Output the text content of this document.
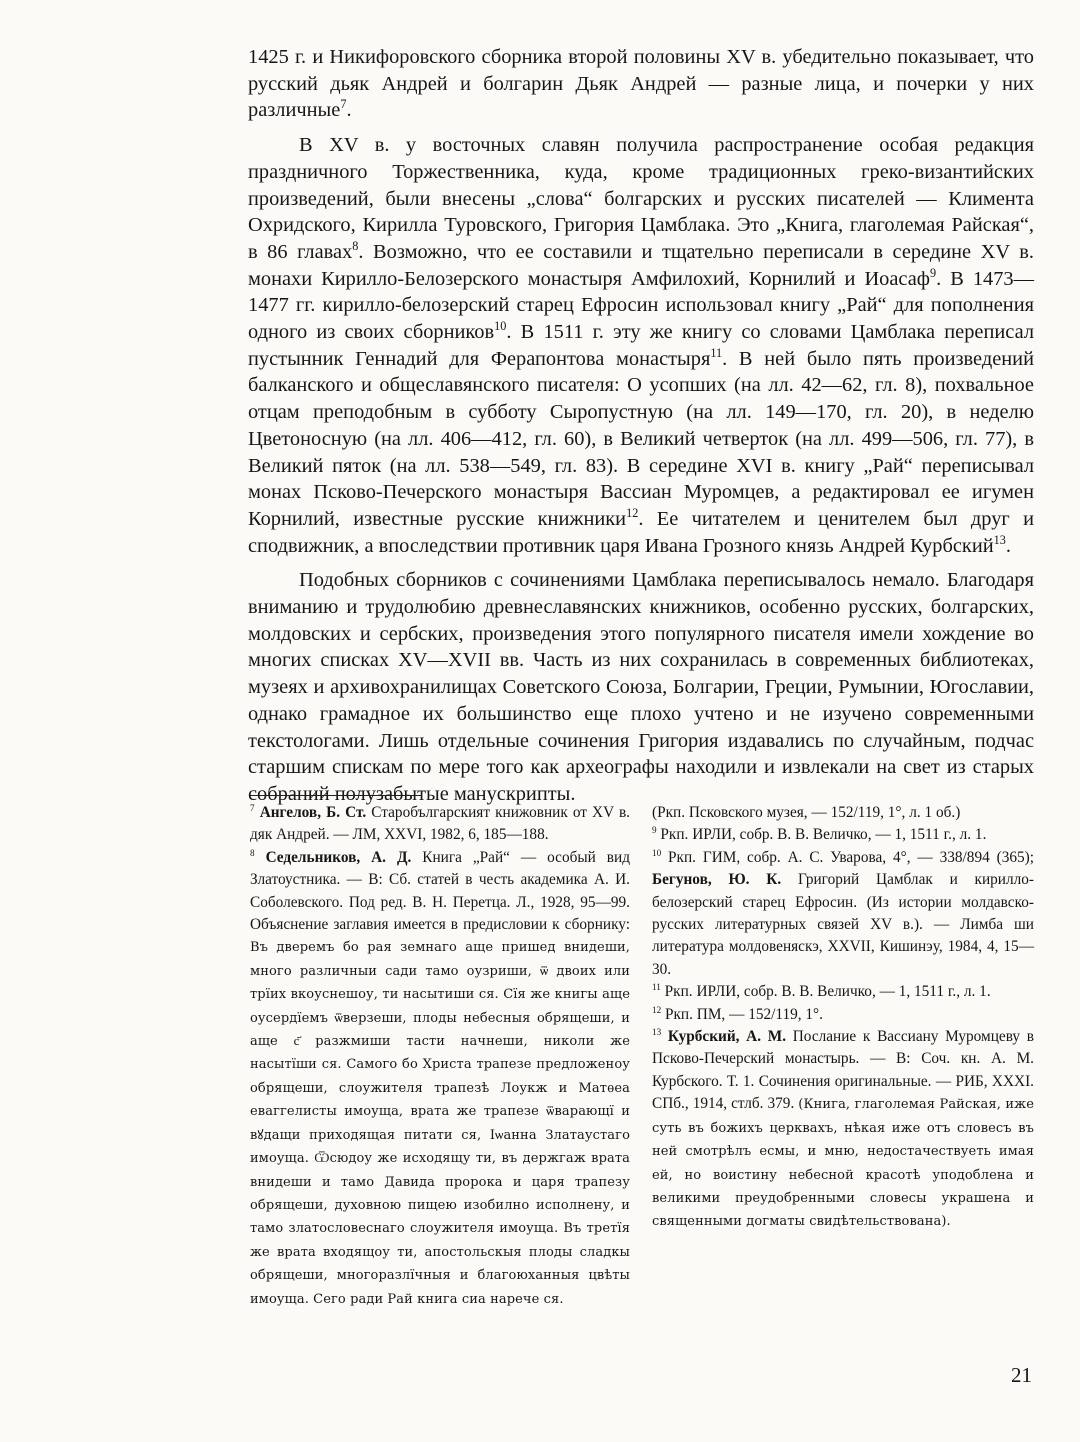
1425 г. и Никифоровского сборника второй половины XV в. убедительно показывает, что русский дьяк Андрей и болгарин Дьяк Андрей — разные лица, и почерки у них различные$^7$.

В XV в. у восточных славян получила распространение особая редакция праздничного Торжественника, куда, кроме традиционных греко-византийских произведений, были внесены „слова“ болгарских и русских писателей — Климента Охридского, Кирилла Туровского, Григория Цамблака. Это „Книга, глаголемая Райская“, в 86 главах$^8$. Возможно, что ее составили и тщательно переписали в середине XV в. монахи Кирилло-Белозерского монастыря Амфилохий, Корнилий и Иоасаф$^9$. В 1473—1477 гг. кирилло-белозерский старец Ефросин использовал книгу „Рай“ для пополнения одного из своих сборников$^{10}$. В 1511 г. эту же книгу со словами Цамблака переписал пустынник Геннадий для Ферапонтова монастыря$^{11}$. В ней было пять произведений балканского и общеславянского писателя: О усопших (на лл. 42—62, гл. 8), похвальное отцам преподобным в субботу Сыропустную (на лл. 149—170, гл. 20), в неделю Цветоносную (на лл. 406—412, гл. 60), в Великий четверток (на лл. 499—506, гл. 77), в Великий пяток (на лл. 538—549, гл. 83). В середине XVI в. книгу „Рай“ переписывал монах Псково-Печерского монастыря Вассиан Муромцев, а редактировал ее игумен Корнилий, известные русские книжники$^{12}$. Ее читателем и ценителем был друг и сподвижник, а впоследствии противник царя Ивана Грозного князь Андрей Курбский$^{13}$.

Подобных сборников с сочинениями Цамблака переписывалось немало. Благодаря вниманию и трудолюбию древнеславянских книжников, особенно русских, болгарских, молдовских и сербских, произведения этого популярного писателя имели хождение во многих списках XV—XVII вв. Часть из них сохранилась в современных библиотеках, музеях и архивохранилищах Советского Союза, Болгарии, Греции, Румынии, Югославии, однако грамадное их большинство еще плохо учтено и не изучено современными текстологами. Лишь отдельные сочинения Григория издавались по случайным, подчас старшим спискам по мере того как археографы находили и извлекали на свет из старых собраний полузабытые манускрипты.

$^7$ Ангелов, Б. Ст. Старобългарският книжовник от XV в. дяк Андрей. — ЛМ, XXVI, 1982, 6, 185—188.

$^8$ Седельников, А. Д. Книга „Рай“ — особый вид Златоустника. — В: Сб. статей в честь академика А. И. Соболевского. Под ред. В. Н. Перетца. Л., 1928, 95—99. Объяснение заглавия имеется в предисловии к сборнику: Въ дверемъ бо рая земнаго аще пришед внидеши, много различныи сади тамо оузриши, ѿ двоих или трїих вкоуснешоу, ти насытиши ся. Сїя же книгы аще оусердїемъ ѿверзеши, плоды небесныя обрящеши, и аще с҃ разжмиши тасти начнеши, николи же насытїши ся. Самого бо Христа трапезе предложеноу обрящеши, слоужителя трапезѣ Лоукж и Матѳеа еваггелисты имоуща, врата же трапезе ѿварающї и вꙋдащи приходящая питати ся, Іѡанна Златаустаго имоуща. Ѿсюдоу же исходящу ти, въ держгаж врата внидеши и тамо Давида пророка и царя трапезу обрящеши, духовною пищею изобилно исполнену, и тамо златословеснаго слоужителя имоуща. Въ третїя же врата входящоу ти, апостольскыя плоды сладкы обрящеши, многоразлїчныя и благоюханныя цвѣты имоуща. Сего ради Рай книга сиа нарече ся.

(Ркп. Псковского музея, — 152/119, 1°, л. 1 об.)

$^9$ Ркп. ИРЛИ, собр. В. В. Величко, — 1, 1511 г., л. 1.

$^{10}$ Ркп. ГИМ, собр. А. С. Уварова, 4°, — 338/894 (365); Бегунов, Ю. К. Григорий Цамблак и кирилло-белозерский старец Ефросин. (Из истории молдавско-русских литературных связей XV в.). — Лимба ши литература молдовеняскэ, XXVII, Кишинэу, 1984, 4, 15—30.

$^{11}$ Ркп. ИРЛИ, собр. В. В. Величко, — 1, 1511 г., л. 1.

$^{12}$ Ркп. ПМ, — 152/119, 1°.

$^{13}$ Курбский, А. М. Послание к Вассиану Муромцеву в Псково-Печерский монастырь. — В: Соч. кн. А. М. Курбского. Т. 1. Сочинения оригинальные. — РИБ, XXXI. СПб., 1914, стлб. 379. (Книга, глаголемая Райская, иже суть въ божихъ церквахъ, нѣкая иже отъ словесъ въ ней смотрѣлъ есмы, и мню, недостачествуеть имая ей, но воистину небесной красотѣ уподоблена и великими преудобренными словесы украшена и священными догматы свидѣтельствована).

21
